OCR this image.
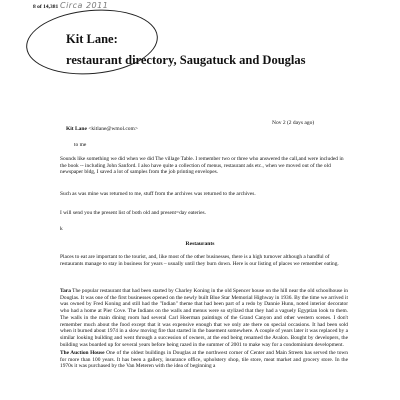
8 of 14,381 Circa 2011
Kit Lane:
restaurant directory, Saugatuck and Douglas
Kit Lane <kitlane@wmol.com>
Nov 2 (2 days ago)
to me

Sounds like something we did when we did The village Table. I remember two or three who answered the call,and were included in the book -- including John Sanford. I also have quite a collection of menus, restaurant ads etc., when we moved out of the old newspaper bldg, I saved a lot of samples from the job printing envelopes.

Such as was mine was returned to me, stuff from the archives was returned to the archives.

I will send you the present list of both old and present=day eateries.

k
Restaurants

Places to eat are important to the tourist, and, like most of the other businesses, there is a high turnover although a handful of restaurants manage to stay in business for years – usually until they burn down. Here is our listing of places we remember eating.

Tara The popular restaurant that had been started by Charley Koning in the old Spencer house on the hill near the old schoolhouse in Douglas. It was one of the first businesses opened on the newly built Blue Star Memorial Highway in 1936. By the time we arrived it was owned by Fred Koning and still had the "Indian" theme that had been part of a redo by Dannie Hunn, noted interior decorator who had a home at Pier Cove. The Indians on the walls and menus were so stylized that they had a vaguely Egyptian look to them. The walls in the main dining room had several Carl Hoerman paintings of the Grand Canyon and other western scenes. I don't remember much about the food except that it was expensive enough that we only ate there on special occasions. It had been sold when it burned about 1974 in a slow moving fire that started in the basement somewhere. A couple of years later it was replaced by a similar looking building and went through a succession of owners, at the end being renamed the Avalon. Bought by developers, the building was boarded up for several years before being razed in the summer of 2001 to make way for a condominium development.

The Auction House One of the oldest buildings in Douglas at the northwest corner of Center and Main Streets has served the town for more than 100 years. It has been a gallery, insurance office, upholstery shop, tile store, meat market and grocery store. In the 1970s it was purchased by the Van Meteren with the idea of beginning a
